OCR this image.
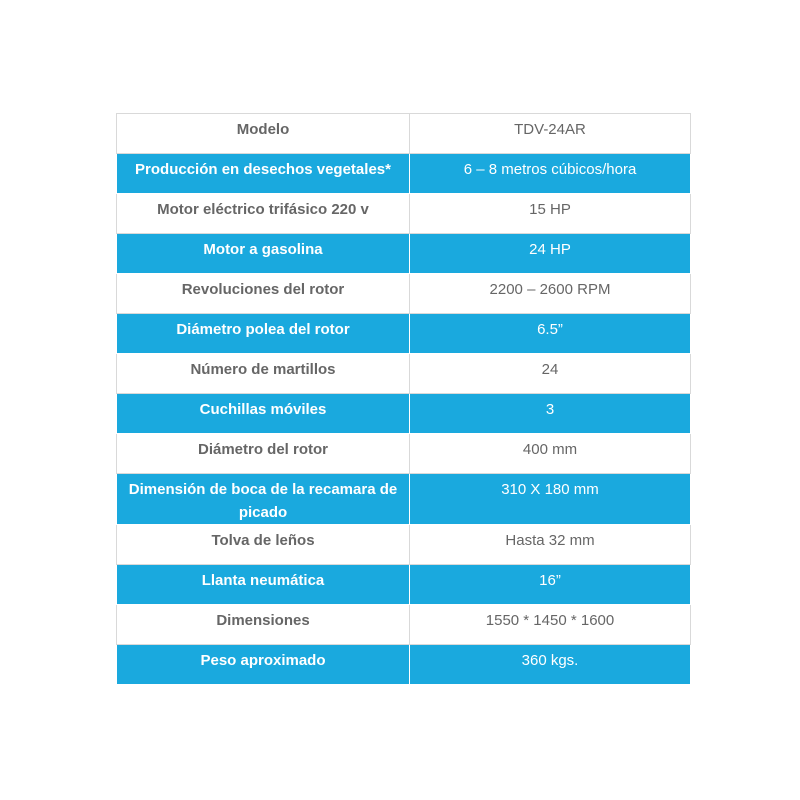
Modelo	TDV-24AR
Producción en desechos vegetales*	6 – 8 metros cúbicos/hora
Motor eléctrico trifásico 220 v	15 HP
Motor a gasolina	24 HP
Revoluciones del rotor	2200 – 2600 RPM
Diámetro polea del rotor	6.5”
Número de martillos	24
Cuchillas móviles	3
Diámetro del rotor	400 mm
Dimensión de boca de la recamara de picado	310 X 180 mm
Tolva de leños	Hasta 32 mm
Llanta neumática	16”
Dimensiones	1550 * 1450 * 1600
Peso aproximado	360 kgs.
